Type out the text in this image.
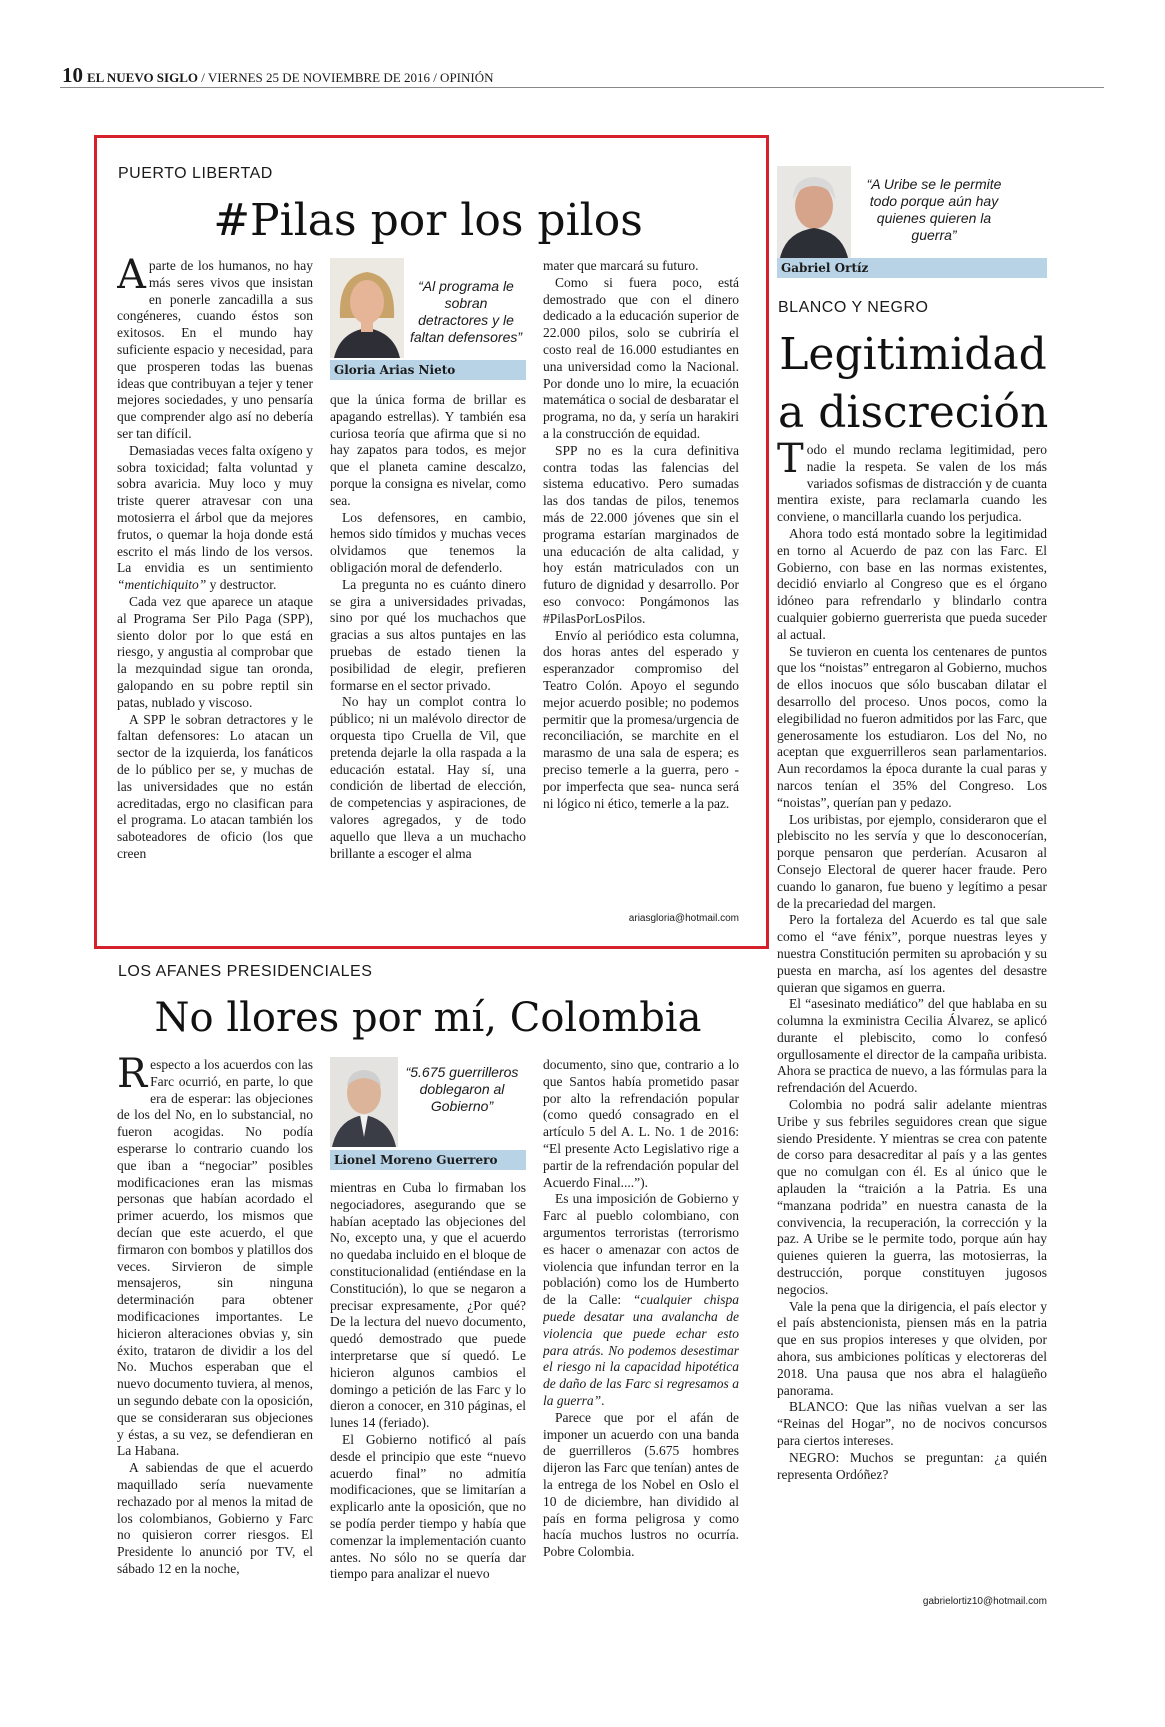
10 EL NUEVO SIGLO / VIERNES 25 DE NOVIEMBRE DE 2016 / OPINIÓN
PUERTO LIBERTAD
#Pilas por los pilos

Aparte de los humanos, no hay más seres vivos que insistan en ponerle zancadilla a sus congéneres, cuando éstos son exitosos. En el mundo hay suficiente espacio y necesidad, para que prosperen todas las buenas ideas que contribuyan a tejer y tener mejores sociedades, y uno pensaría que comprender algo así no debería ser tan difícil.

Demasiadas veces falta oxígeno y sobra toxicidad; falta voluntad y sobra avaricia. Muy loco y muy triste querer atravesar con una motosierra el árbol que da mejores frutos, o quemar la hoja donde está escrito el más lindo de los versos. La envidia es un sentimiento “mentichiquito” y destructor.

Cada vez que aparece un ataque al Programa Ser Pilo Paga (SPP), siento dolor por lo que está en riesgo, y angustia al comprobar que la mezquindad sigue tan oronda, galopando en su pobre reptil sin patas, nublado y viscoso.

A SPP le sobran detractores y le faltan defensores: Lo atacan un sector de la izquierda, los fanáticos de lo público per se, y muchas de las universidades que no están acreditadas, ergo no clasifican para el programa. Lo atacan también los saboteadores de oficio (los que creen

“Al programa le sobran detractores y le faltan defensores”
Gloria Arias Nieto

que la única forma de brillar es apagando estrellas). Y también esa curiosa teoría que afirma que si no hay zapatos para todos, es mejor que el planeta camine descalzo, porque la consigna es nivelar, como sea.

Los defensores, en cambio, hemos sido tímidos y muchas veces olvidamos que tenemos la obligación moral de defenderlo.

La pregunta no es cuánto dinero se gira a universidades privadas, sino por qué los muchachos que gracias a sus altos puntajes en las pruebas de estado tienen la posibilidad de elegir, prefieren formarse en el sector privado.

No hay un complot contra lo público; ni un malévolo director de orquesta tipo Cruella de Vil, que pretenda dejarle la olla raspada a la educación estatal. Hay sí, una condición de libertad de elección, de competencias y aspiraciones, de valores agregados, y de todo aquello que lleva a un muchacho brillante a escoger el alma

mater que marcará su futuro.

Como si fuera poco, está demostrado que con el dinero dedicado a la educación superior de 22.000 pilos, solo se cubriría el costo real de 16.000 estudiantes en una universidad como la Nacional. Por donde uno lo mire, la ecuación matemática o social de desbaratar el programa, no da, y sería un harakiri a la construcción de equidad.

SPP no es la cura definitiva contra todas las falencias del sistema educativo. Pero sumadas las dos tandas de pilos, tenemos más de 22.000 jóvenes que sin el programa estarían marginados de una educación de alta calidad, y hoy están matriculados con un futuro de dignidad y desarrollo. Por eso convoco: Pongámonos las #PilasPorLosPilos.

Envío al periódico esta columna, dos horas antes del esperado y esperanzador compromiso del Teatro Colón. Apoyo el segundo mejor acuerdo posible; no podemos permitir que la promesa/urgencia de reconciliación, se marchite en el marasmo de una sala de espera; es preciso temerle a la guerra, pero -por imperfecta que sea- nunca será ni lógico ni ético, temerle a la paz.

ariasgloria@hotmail.com
LOS AFANES PRESIDENCIALES
No llores por mí, Colombia

Respecto a los acuerdos con las Farc ocurrió, en parte, lo que era de esperar: las objeciones de los del No, en lo substancial, no fueron acogidas. No podía esperarse lo contrario cuando los que iban a “negociar” posibles modificaciones eran las mismas personas que habían acordado el primer acuerdo, los mismos que decían que este acuerdo, el que firmaron con bombos y platillos dos veces. Sirvieron de simple mensajeros, sin ninguna determinación para obtener modificaciones importantes. Le hicieron alteraciones obvias y, sin éxito, trataron de dividir a los del No. Muchos esperaban que el nuevo documento tuviera, al menos, un segundo debate con la oposición, que se consideraran sus objeciones y éstas, a su vez, se defendieran en La Habana.

A sabiendas de que el acuerdo maquillado sería nuevamente rechazado por al menos la mitad de los colombianos, Gobierno y Farc no quisieron correr riesgos. El Presidente lo anunció por TV, el sábado 12 en la noche,

“5.675 guerrilleros doblegaron al Gobierno”
Lionel Moreno Guerrero

mientras en Cuba lo firmaban los negociadores, asegurando que se habían aceptado las objeciones del No, excepto una, y que el acuerdo no quedaba incluido en el bloque de constitucionalidad (entiéndase en la Constitución), lo que se negaron a precisar expresamente, ¿Por qué? De la lectura del nuevo documento, quedó demostrado que puede interpretarse que sí quedó. Le hicieron algunos cambios el domingo a petición de las Farc y lo dieron a conocer, en 310 páginas, el lunes 14 (feriado).

El Gobierno notificó al país desde el principio que este “nuevo acuerdo final” no admitía modificaciones, que se limitarían a explicarlo ante la oposición, que no se podía perder tiempo y había que comenzar la implementación cuanto antes. No sólo no se quería dar tiempo para analizar el nuevo

documento, sino que, contrario a lo que Santos había prometido pasar por alto la refrendación popular (como quedó consagrado en el artículo 5 del A. L. No. 1 de 2016: “El presente Acto Legislativo rige a partir de la refrendación popular del Acuerdo Final....”).

Es una imposición de Gobierno y Farc al pueblo colombiano, con argumentos terroristas (terrorismo es hacer o amenazar con actos de violencia que infundan terror en la población) como los de Humberto de la Calle: “cualquier chispa puede desatar una avalancha de violencia que puede echar esto para atrás. No podemos desestimar el riesgo ni la capacidad hipotética de daño de las Farc si regresamos a la guerra”.

Parece que por el afán de imponer un acuerdo con una banda de guerrilleros (5.675 hombres dijeron las Farc que tenían) antes de la entrega de los Nobel en Oslo el 10 de diciembre, han dividido al país en forma peligrosa y como hacía muchos lustros no ocurría. Pobre Colombia.

“A Uribe se le permite todo porque aún hay quienes quieren la guerra”
Gabriel Ortíz
BLANCO Y NEGRO
Legitimidad
a discreción

Todo el mundo reclama legitimidad, pero nadie la respeta. Se valen de los más variados sofismas de distracción y de cuanta mentira existe, para reclamarla cuando les conviene, o mancillarla cuando los perjudica.

Ahora todo está montado sobre la legitimidad en torno al Acuerdo de paz con las Farc. El Gobierno, con base en las normas existentes, decidió enviarlo al Congreso que es el órgano idóneo para refrendarlo y blindarlo contra cualquier gobierno guerrerista que pueda suceder al actual.

Se tuvieron en cuenta los centenares de puntos que los “noistas” entregaron al Gobierno, muchos de ellos inocuos que sólo buscaban dilatar el desarrollo del proceso. Unos pocos, como la elegibilidad no fueron admitidos por las Farc, que generosamente los estudiaron. Los del No, no aceptan que exguerrilleros sean parlamentarios. Aun recordamos la época durante la cual paras y narcos tenían el 35% del Congreso. Los “noistas”, querían pan y pedazo.

Los uribistas, por ejemplo, consideraron que el plebiscito no les servía y que lo desconocerían, porque pensaron que perderían. Acusaron al Consejo Electoral de querer hacer fraude. Pero cuando lo ganaron, fue bueno y legítimo a pesar de la precariedad del margen.

Pero la fortaleza del Acuerdo es tal que sale como el “ave fénix”, porque nuestras leyes y nuestra Constitución permiten su aprobación y su puesta en marcha, así los agentes del desastre quieran que sigamos en guerra.

El “asesinato mediático” del que hablaba en su columna la exministra Cecilia Álvarez, se aplicó durante el plebiscito, como lo confesó orgullosamente el director de la campaña uribista. Ahora se practica de nuevo, a las fórmulas para la refrendación del Acuerdo.

Colombia no podrá salir adelante mientras Uribe y sus febriles seguidores crean que sigue siendo Presidente. Y mientras se crea con patente de corso para desacreditar al país y a las gentes que no comulgan con él. Es al único que le aplauden la “traición a la Patria. Es una “manzana podrida” en nuestra canasta de la convivencia, la recuperación, la corrección y la paz. A Uribe se le permite todo, porque aún hay quienes quieren la guerra, las motosierras, la destrucción, porque constituyen jugosos negocios.

Vale la pena que la dirigencia, el país elector y el país abstencionista, piensen más en la patria que en sus propios intereses y que olviden, por ahora, sus ambiciones políticas y electoreras del 2018. Una pausa que nos abra el halagüeño panorama.

BLANCO: Que las niñas vuelvan a ser las “Reinas del Hogar”, no de nocivos concursos para ciertos intereses.

NEGRO: Muchos se preguntan: ¿a quién representa Ordóñez?

gabrielortiz10@hotmail.com
